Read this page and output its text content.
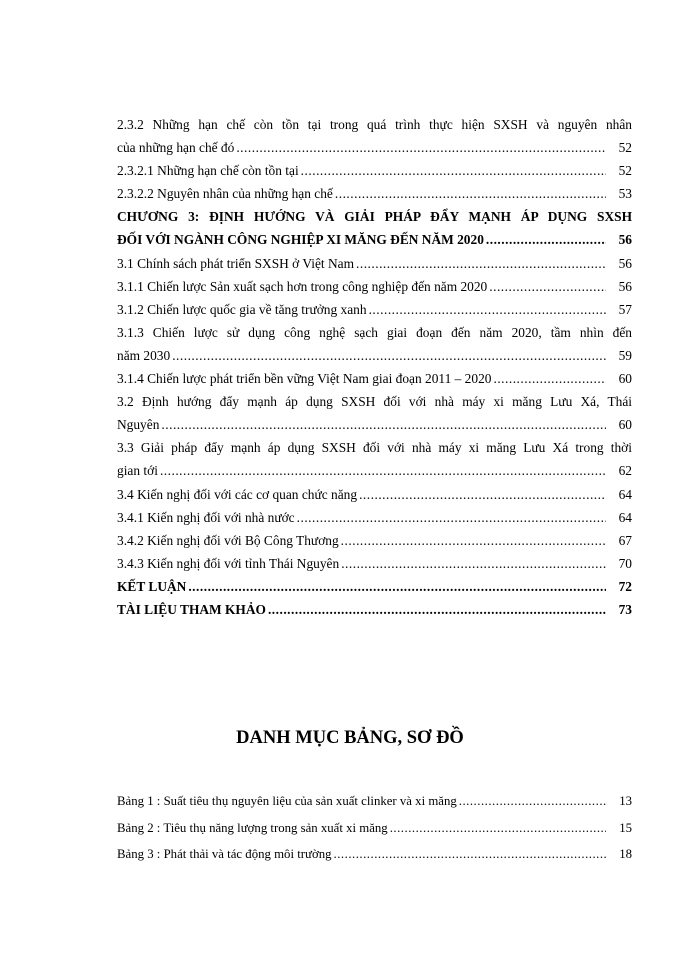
2.3.2 Những hạn chế còn tồn tại trong quá trình thực hiện SXSH và nguyên nhân
của những hạn chế đó .....	52
2.3.2.1 Những hạn chế còn tồn tại .....	52
2.3.2.2 Nguyên nhân của những hạn chế .....	53
CHƯƠNG 3: ĐỊNH HƯỚNG VÀ GIẢI PHÁP ĐẨY MẠNH ÁP DỤNG SXSH
ĐỐI VỚI NGÀNH CÔNG NGHIỆP XI MĂNG ĐẾN NĂM 2020 .....	56
3.1 Chính sách phát triển SXSH ở Việt Nam .....	56
3.1.1 Chiến lược Sản xuất sạch hơn trong công nghiệp đến năm 2020 .....	56
3.1.2 Chiến lược quốc gia về tăng trưởng xanh .....	57
3.1.3 Chiến lược sử dụng công nghệ sạch giai đoạn đến năm 2020, tầm nhìn đến
năm 2030 .....	59
3.1.4 Chiến lược phát triển bền vững Việt Nam giai đoạn 2011 – 2020 .....	60
3.2 Định hướng đẩy mạnh áp dụng SXSH đối với nhà máy xi măng Lưu Xá, Thái
Nguyên .....	60
3.3 Giải pháp đẩy mạnh áp dụng SXSH đối với nhà máy xi măng Lưu Xá trong thời
gian tới .....	62
3.4 Kiến nghị đối với các cơ quan chức năng .....	64
3.4.1 Kiến nghị đối với nhà nước .....	64
3.4.2 Kiến nghị đối với Bộ Công Thương .....	67
3.4.3 Kiến nghị đối với tỉnh Thái Nguyên .....	70
KẾT LUẬN .....	72
TÀI LIỆU THAM KHẢO .....	73
DANH MỤC BẢNG, SƠ ĐỒ
Bảng 1 : Suất tiêu thụ nguyên liệu của sản xuất clinker và xi măng .....	13
Bảng 2 : Tiêu thụ năng lượng trong sản xuất xi măng .....	15
Bảng 3 : Phát thải và tác động môi trường .....	18
